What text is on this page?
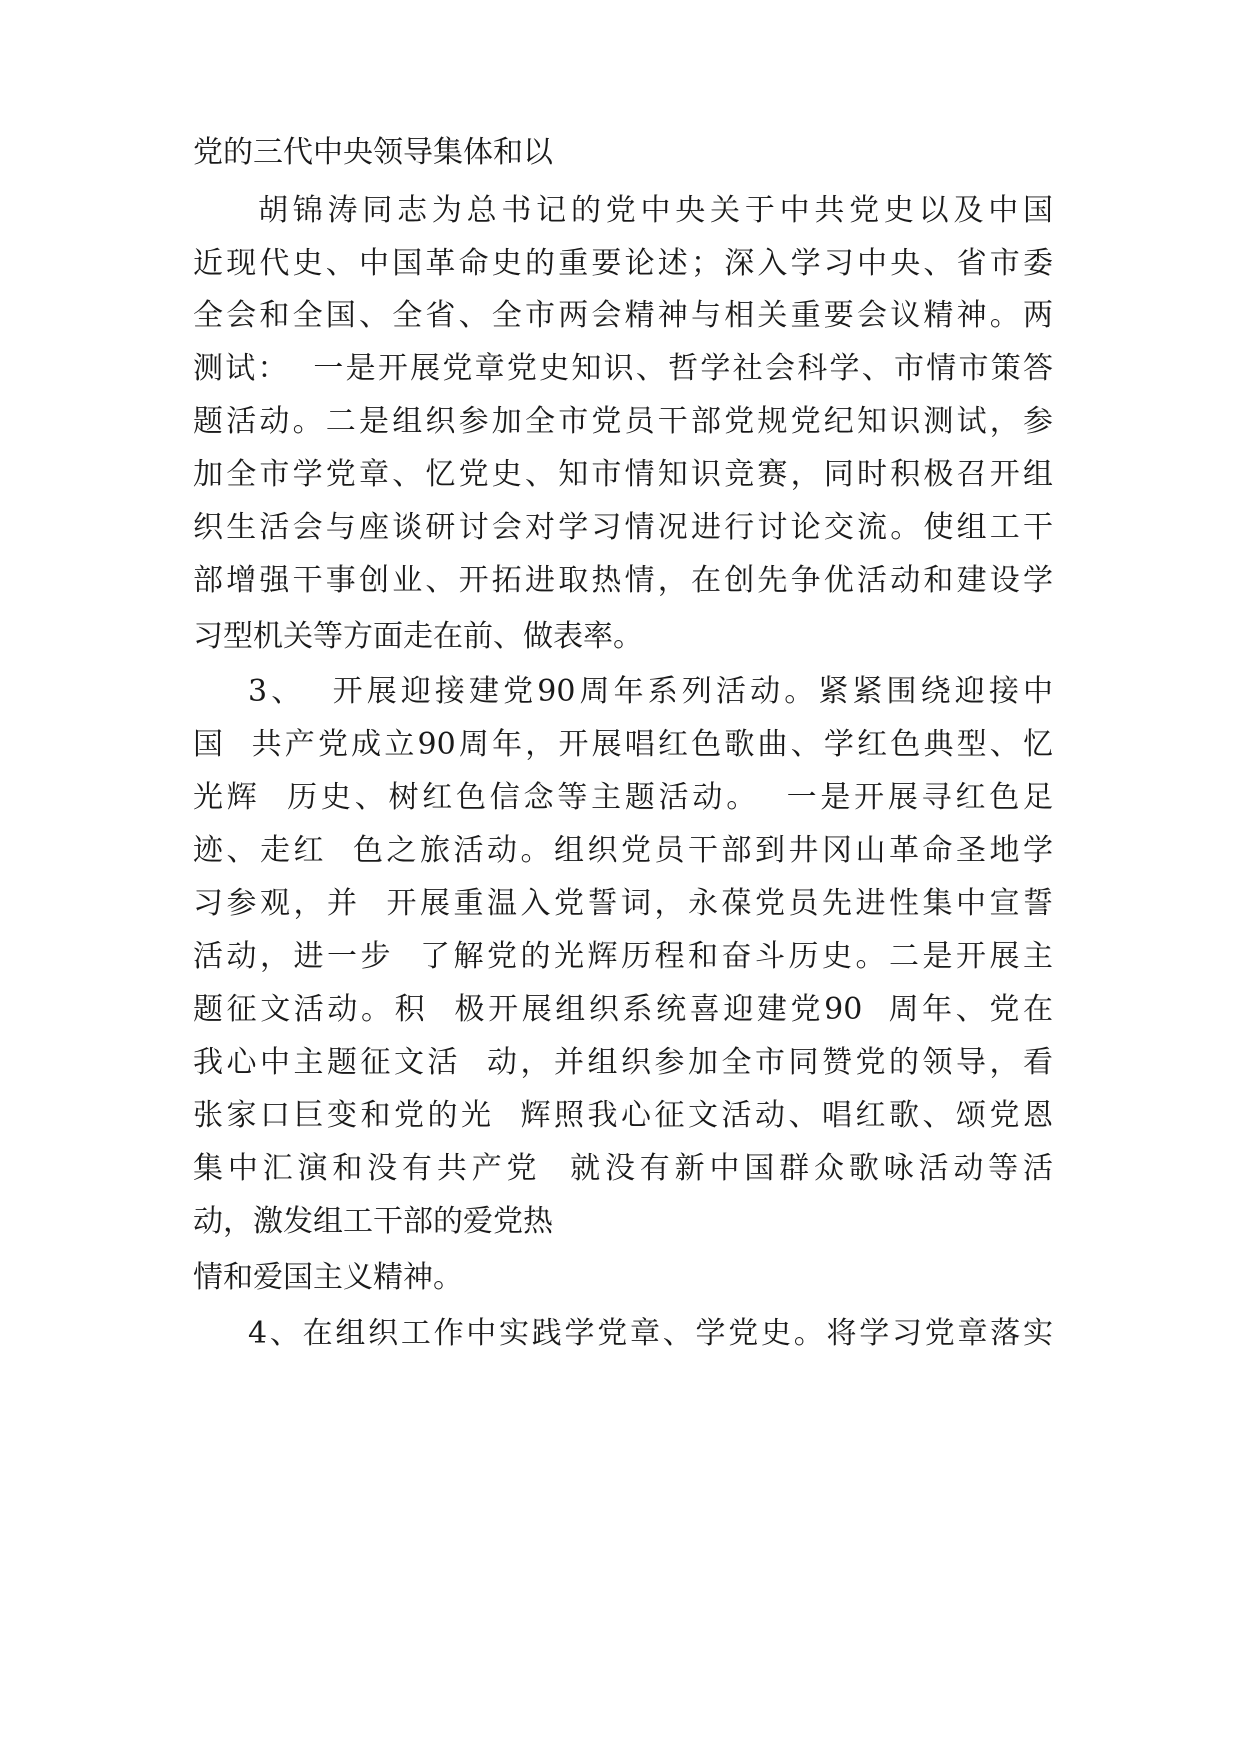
党的三代中央领导集体和以
胡锦涛同志为总书记的党中央关于中共党史以及中国
近现代史、中国革命史的重要论述；深入学习中央、省市委
全会和全国、全省、全市两会精神与相关重要会议精神。两
测试：  一是开展党章党史知识、哲学社会科学、市情市策答
题活动。二是组织参加全市党员干部党规党纪知识测试，参
加全市学党章、忆党史、知市情知识竞赛，同时积极召开组
织生活会与座谈研讨会对学习情况进行讨论交流。使组工干
部增强干事创业、开拓进取热情，在创先争优活动和建设学
习型机关等方面走在前、做表率。
3、  开展迎接建党90周年系列活动。紧紧围绕迎接中
国  共产党成立90周年，开展唱红色歌曲、学红色典型、忆
光辉  历史、树红色信念等主题活动。  一是开展寻红色足
迹、走红  色之旅活动。组织党员干部到井冈山革命圣地学
习参观，并  开展重温入党誓词，永葆党员先进性集中宣誓
活动，进一步  了解党的光辉历程和奋斗历史。二是开展主
题征文活动。积  极开展组织系统喜迎建党90  周年、党在
我心中主题征文活  动，并组织参加全市同赞党的领导，看
张家口巨变和党的光  辉照我心征文活动、唱红歌、颂党恩
集中汇演和没有共产党  就没有新中国群众歌咏活动等活
动，激发组工干部的爱党热
情和爱国主义精神。
4、在组织工作中实践学党章、学党史。将学习党章落实
